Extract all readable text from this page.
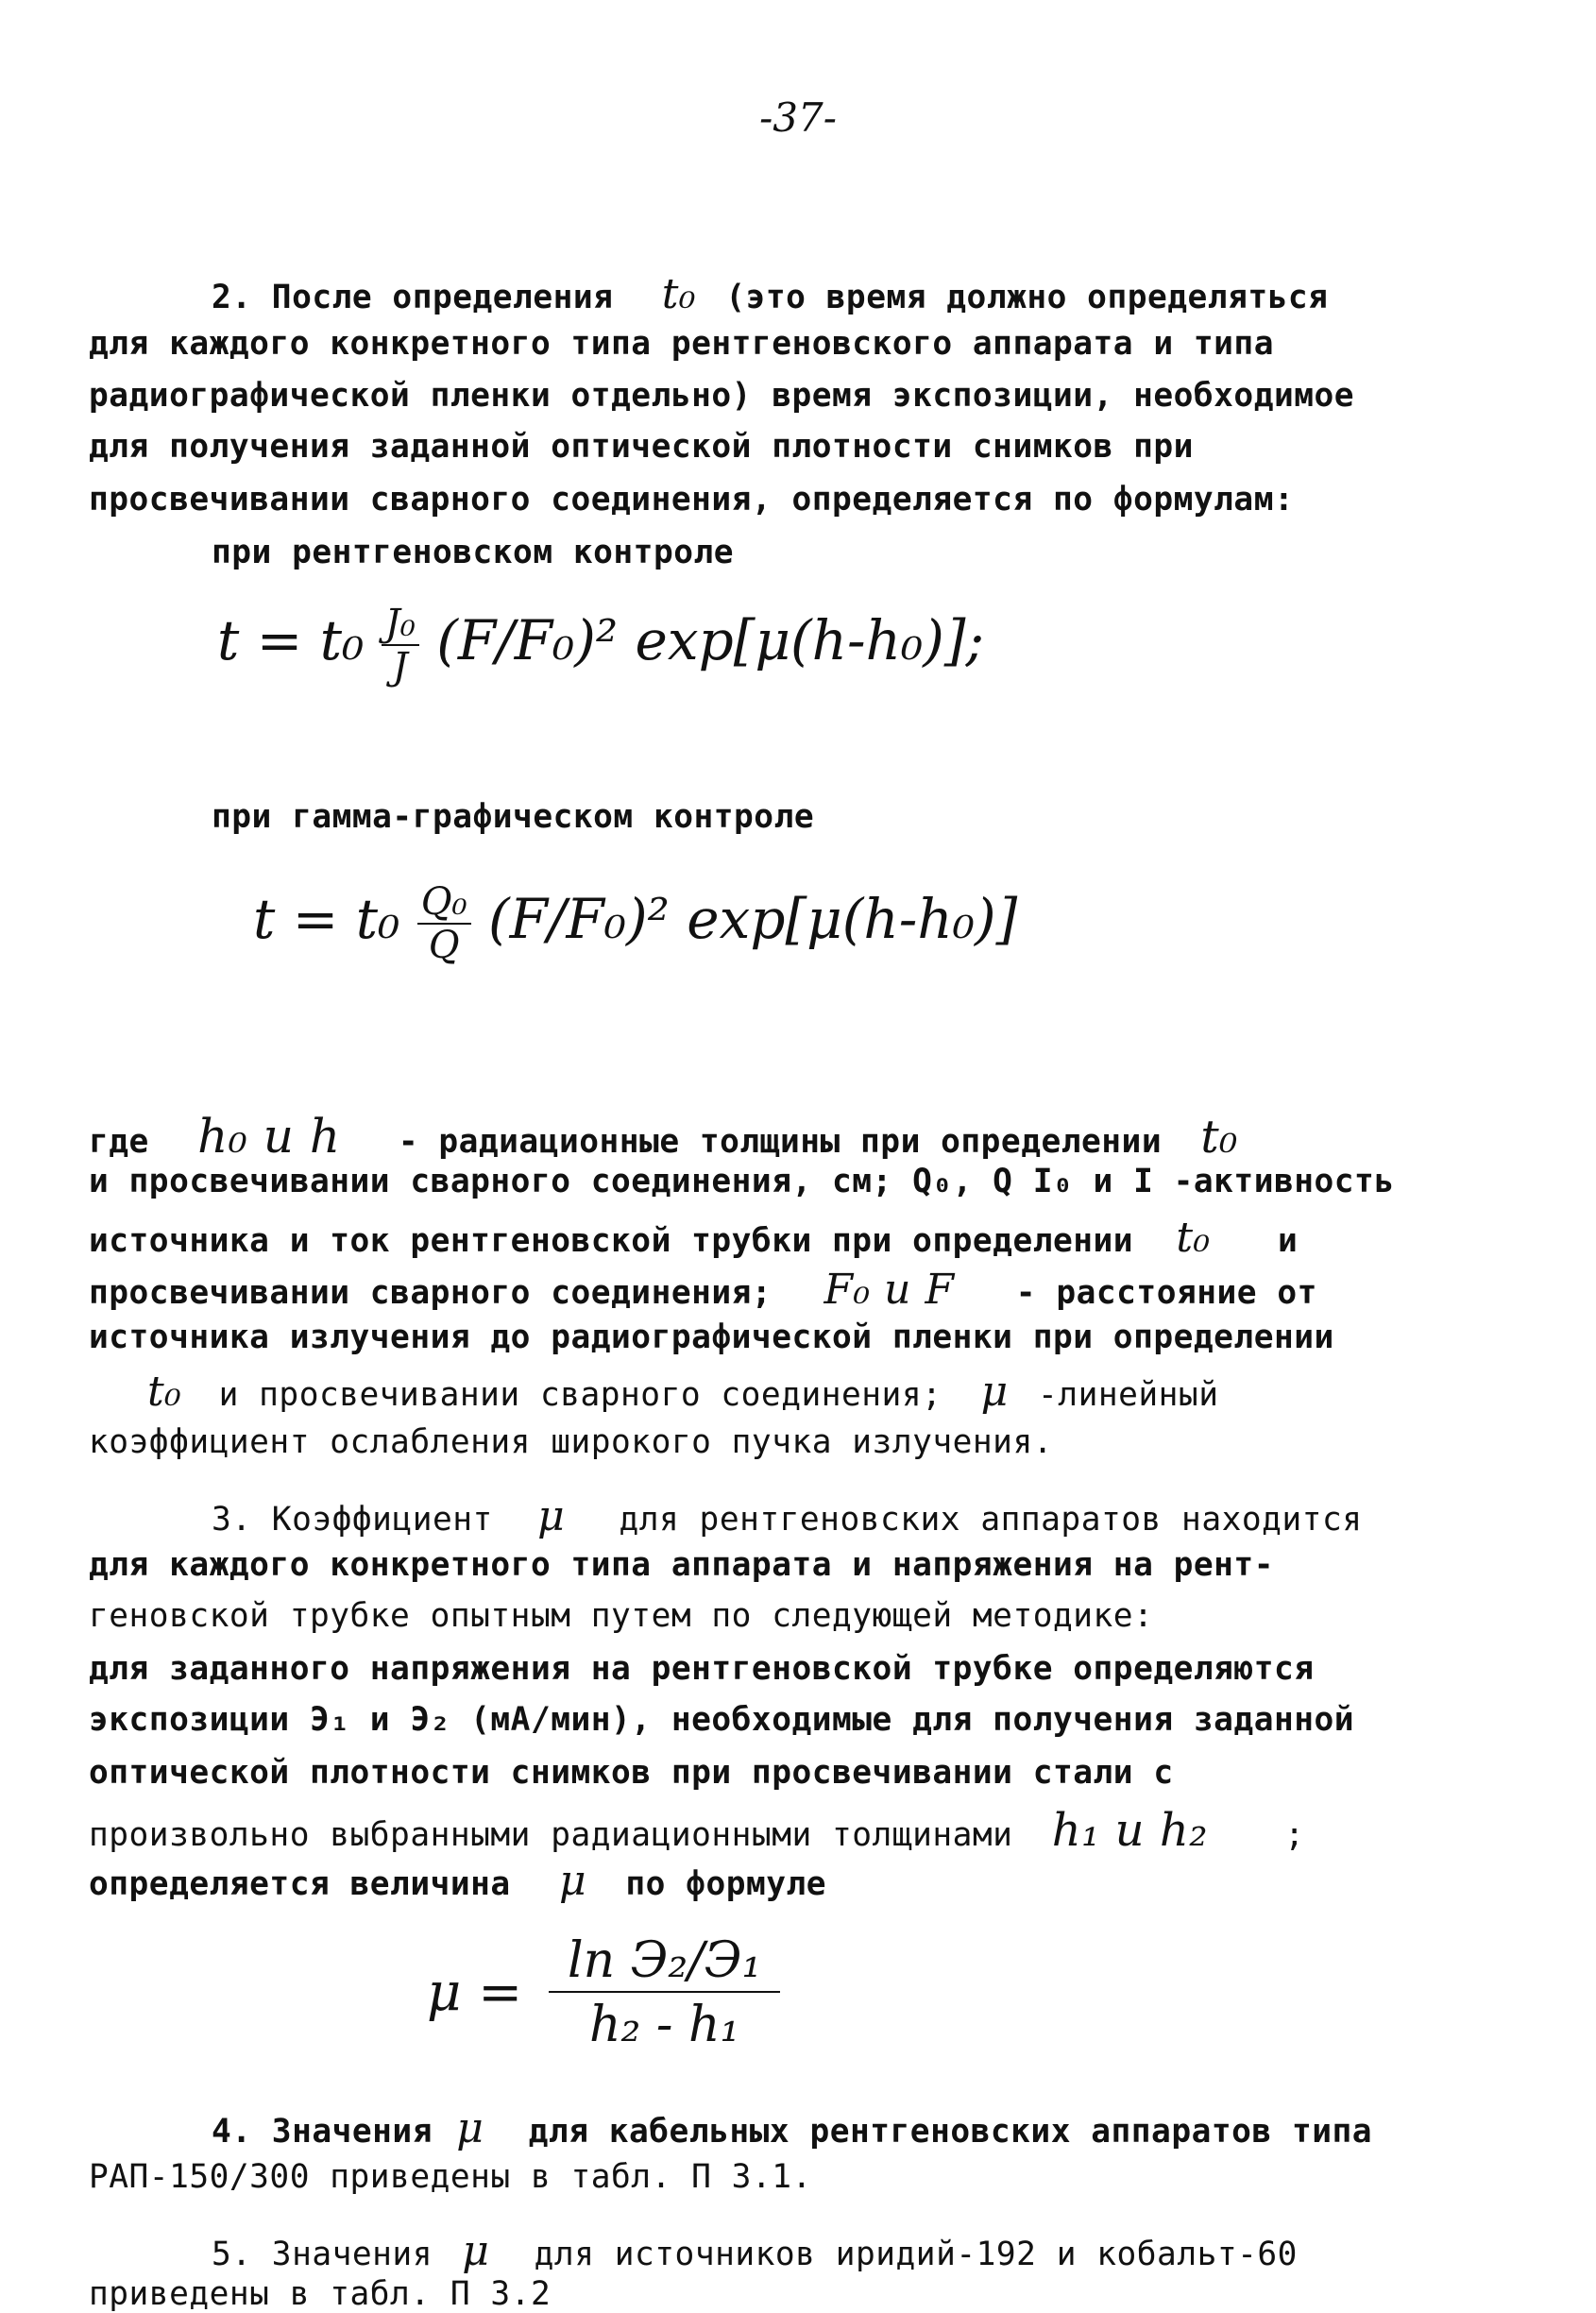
-37-
2. После определения t₀ (это время должно определяться
для каждого конкретного типа рентгеновского аппарата и типа
радиографической пленки отдельно) время экспозиции, необходимое
для получения заданной оптической плотности снимков при
просвечивании сварного соединения, определяется по формулам:
при рентгеновском контроле
$t = t_0 \frac{\text{J₀}}{J} (F/F_0)^2$ exp[μ(h-h₀)];
при гамма-графическом контроле
$t = t_0 \frac{\text{Q₀}}{Q} (F/F_0)^2$ exp[μ(h-h₀)]
где h₀ и h - радиационные толщины при определении t₀
и просвечивании сварного соединения, см; Q₀, Q I₀ и I -активность
источника и ток рентгеновской трубки при определении t₀ и
просвечивании сварного соединения; F₀ и F - расстояние от
источника излучения до радиографической пленки при определении
t₀ и просвечивании сварного соединения; μ -линейный
коэффициент ослабления широкого пучка излучения.
3. Коэффициент μ для рентгеновских аппаратов находится
для каждого конкретного типа аппарата и напряжения на рент-
геновской трубке опытным путем по следующей методике:
для заданного напряжения на рентгеновской трубке определяются
экспозиции Э₁ и Э₂ (мА/мин), необходимые для получения заданной
оптической плотности снимков при просвечивании стали с
произвольно выбранными радиационными толщинами h₁ и h₂ ;
определяется величина μ по формуле
$\mu = \frac{\text{ln Э₂/Э₁}}{\text{h₂ - h₁}}$
4. Значения μ для кабельных рентгеновских аппаратов типа
РАП-150/300 приведены в табл. П 3.1.
5. Значения μ для источников иридий-192 и кобальт-60
приведены в табл. П 3.2
